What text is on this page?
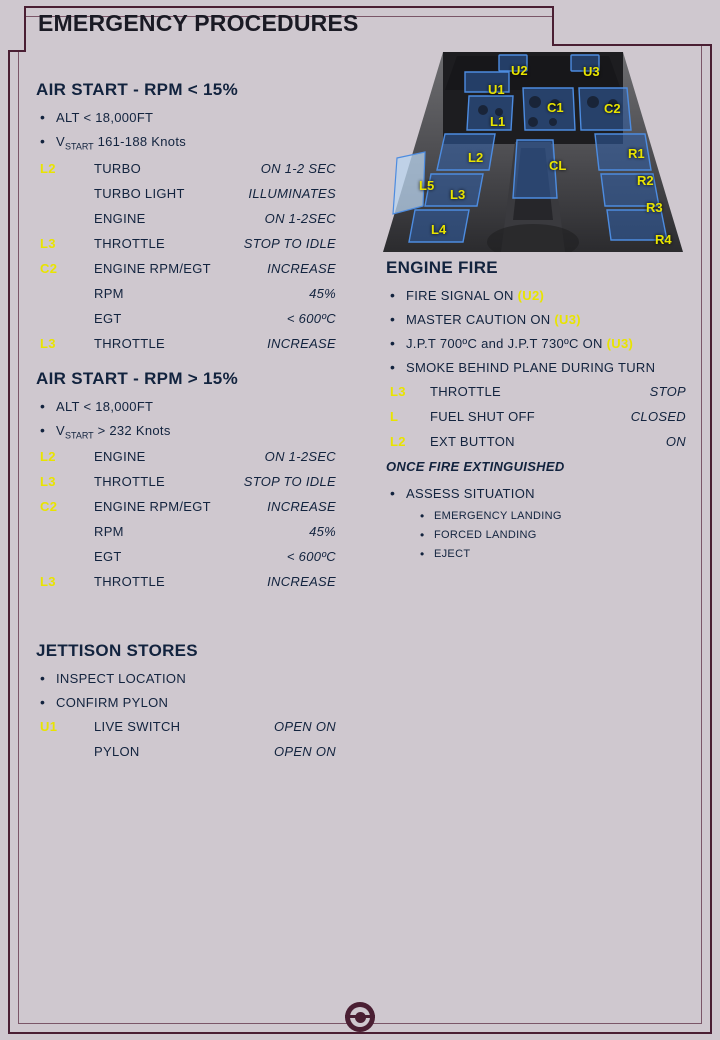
EMERGENCY PROCEDURES
U2	U3
U1
C1	C2
L1
L2
CL
R1
L5
L3
R2
R3
L4
R4
AIR START - RPM < 15%
• ALT < 18,000FT
• $V_{START}$ 161-188 Knots
L2	TURBO	ON 1-2 SEC
TURBO LIGHT	ILLUMINATES
ENGINE	ON 1-2SEC
L3	THROTTLE	STOP TO IDLE
C2	ENGINE RPM/EGT	INCREASE
RPM	45%
EGT	< 600ºC
L3	THROTTLE	INCREASE
AIR START - RPM > 15%
• ALT < 18,000FT
• $V_{START} > 232$ Knots
L2	ENGINE	ON 1-2SEC
L3	THROTTLE	STOP TO IDLE
C2	ENGINE RPM/EGT	INCREASE
RPM	45%
EGT	< 600ºC
L3	THROTTLE	INCREASE
JETTISON STORES
• INSPECT LOCATION
• CONFIRM PYLON
U1	LIVE SWITCH	OPEN ON
PYLON	OPEN ON
ENGINE FIRE
• FIRE SIGNAL ON (U2)
• MASTER CAUTION ON (U3)
• J.P.T 700ºC and J.P.T 730ºC ON (U3)
• SMOKE BEHIND PLANE DURING TURN
L3	THROTTLE	STOP
L	FUEL SHUT OFF	CLOSED
L2	EXT BUTTON	ON
ONCE FIRE EXTINGUISHED
• ASSESS SITUATION
• EMERGENCY LANDING
• FORCED LANDING
• EJECT
